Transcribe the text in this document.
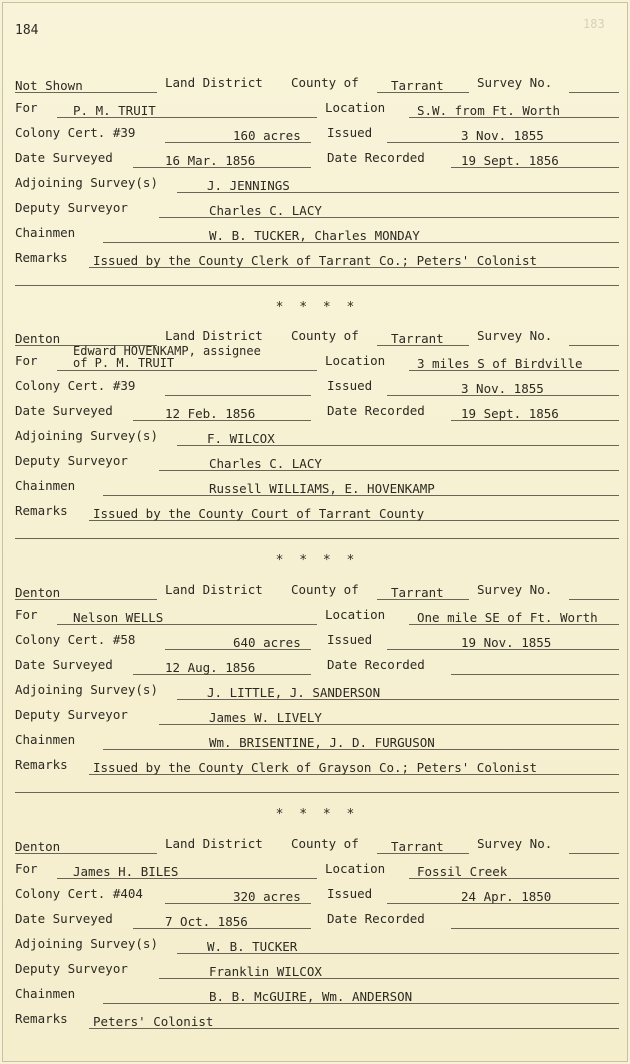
184	183
Not Shown	Land District County of	Tarrant	Survey No.
For	P. M. TRUIT	Location	S.W. from Ft. Worth
Colony Cert. #39	160 acres Issued	3 Nov. 1855
Date Surveyed	16 Mar. 1856	Date Recorded	19 Sept. 1856
Adjoining Survey(s)	J. JENNINGS
Deputy Surveyor	Charles C. LACY
Chainmen	W. B. TUCKER, Charles MONDAY
Remarks Issued by the County Clerk of Tarrant Co.; Peters' Colonist
* * * *
Denton	Land District County of	Tarrant	Survey No.
For
Edward HOVENKAMP, assignee
of P. M. TRUIT	Location	3 miles S of Birdville
Colony Cert. #39	Issued	3 Nov. 1855
Date Surveyed	12 Feb. 1856	Date Recorded	19 Sept. 1856
Adjoining Survey(s)	F. WILCOX
Deputy Surveyor	Charles C. LACY
Chainmen	Russell WILLIAMS, E. HOVENKAMP
Remarks Issued by the County Court of Tarrant County
* * * *
Denton	Land District County of	Tarrant	Survey No.
For	Nelson WELLS	Location	One mile SE of Ft. Worth
Colony Cert. #58	640 acres Issued	19 Nov. 1855
Date Surveyed	12 Aug. 1856	Date Recorded
Adjoining Survey(s)	J. LITTLE, J. SANDERSON
Deputy Surveyor	James W. LIVELY
Chainmen	Wm. BRISENTINE, J. D. FURGUSON
Remarks Issued by the County Clerk of Grayson Co.; Peters' Colonist
* * * *
Denton	Land District County of	Tarrant	Survey No.
For	James H. BILES	Location	Fossil Creek
Colony Cert. #404	320 acres Issued	24 Apr. 1850
Date Surveyed	7 Oct. 1856	Date Recorded
Adjoining Survey(s)	W. B. TUCKER
Deputy Surveyor	Franklin WILCOX
Chainmen	B. B. McGUIRE, Wm. ANDERSON
Remarks Peters' Colonist
